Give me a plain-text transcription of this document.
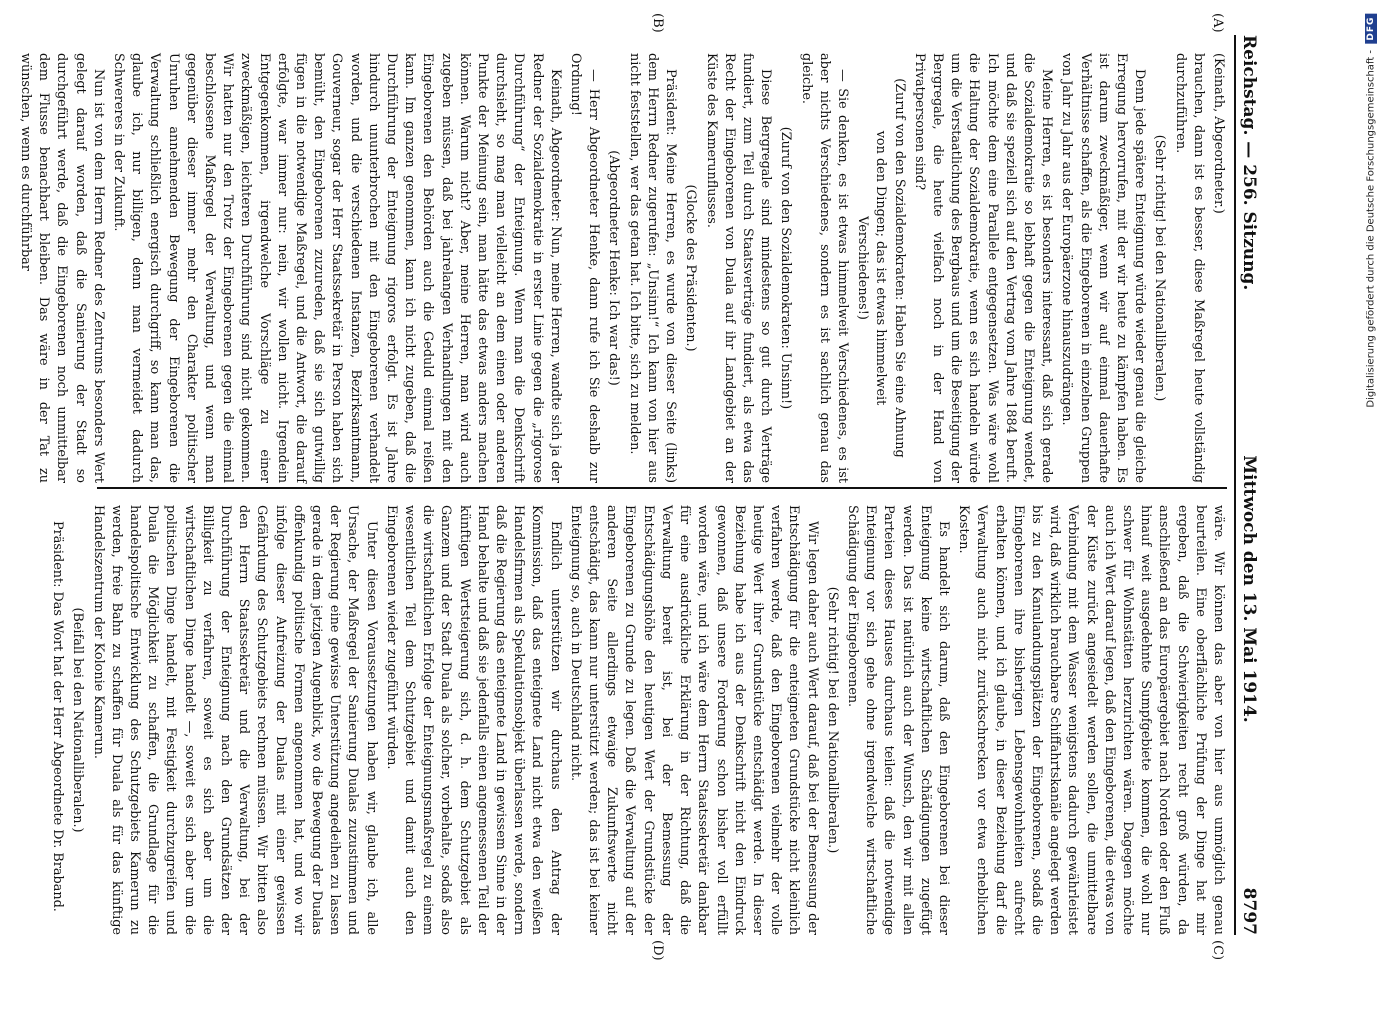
Reichstag. — 256. Sitzung.
Mittwoch den 13. Mai 1914.
8797
(A)
(B)
(C)
(D)

(Keinath, Abgeordneter.)

brauchen, dann ist es besser, diese Maßregel heute vollständig durchzuführen.

(Sehr richtig! bei den Nationalliberalen.)

Denn jede spätere Enteignung würde wieder genau die gleiche Erregung hervorrufen, mit der wir heute zu kämpfen haben. Es ist darum zweckmäßiger, wenn wir auf einmal dauerhafte Verhältnisse schaffen, als die Eingeborenen in einzelnen Gruppen von Jahr zu Jahr aus der Europäerzone hinauszudrängen.

Meine Herren, es ist besonders interessant, daß sich gerade die Sozialdemokratie so lebhaft gegen die Enteignung wendet, und daß sie speziell sich auf den Vertrag vom Jahre 1884 beruft. Ich möchte dem eine Parallele entgegensetzen. Was wäre wohl die Haltung der Sozialdemokratie, wenn es sich handeln würde um die Verstaatlichung des Bergbaus und um die Beseitigung der Bergregale, die heute vielfach noch in der Hand von Privatpersonen sind?

(Zuruf von den Sozialdemokraten: Haben Sie eine Ahnung von den Dingen; das ist etwas himmelweit Verschiedenes!)

— Sie denken, es ist etwas himmelweit Verschiedenes, es ist aber nichts Verschiedenes, sondern es ist sachlich genau das gleiche.

(Zuruf von den Sozialdemokraten: Unsinn!)

Diese Bergregale sind mindestens so gut durch Verträge fundiert, zum Teil durch Staatsverträge fundiert, als etwa das Recht der Eingeborenen von Duala auf ihr Landgebiet an der Küste des Kamerunflusses.

(Glocke des Präsidenten.)

Präsident: Meine Herren, es wurde von dieser Seite (links) dem Herrn Redner zugerufen: „Unsinn!“ Ich kann von hier aus nicht feststellen, wer das getan hat. Ich bitte, sich zu melden.

(Abgeordneter Henke: Ich war das!)

— Herr Abgeordneter Henke, dann rufe ich Sie deshalb zur Ordnung!

Keinath, Abgeordneter: Nun, meine Herren, wandte sich ja der Redner der Sozialdemokratie in erster Linie gegen die „rigorose Durchführung“ der Enteignung. Wenn man die Denkschrift durchsieht, so mag man vielleicht an dem einen oder anderen Punkte der Meinung sein, man hätte das etwas anders machen können. Warum nicht? Aber, meine Herren, man wird auch zugeben müssen, daß bei jahrelangen Verhandlungen mit den Eingeborenen den Behörden auch die Geduld einmal reißen kann. Im ganzen genommen, kann ich nicht zugeben, daß die Durchführung der Enteignung rigoros erfolgt. Es ist Jahre hindurch ununterbrochen mit den Eingeborenen verhandelt worden, und die verschiedenen Instanzen, Bezirksamtmann, Gouverneur, sogar der Herr Staatssekretär in Person haben sich bemüht, den Eingeborenen zuzureden, daß sie sich gutwillig fügen in die notwendige Maßregel, und die Antwort, die darauf erfolgte, war immer nur: nein, wir wollen nicht. Irgendein Entgegenkommen, irgendwelche Vorschläge zu einer zweckmäßigen, leichteren Durchführung sind nicht gekommen. Wir hatten nur den Trotz der Eingeborenen gegen die einmal beschlossene Maßregel der Verwaltung, und wenn man gegenüber dieser immer mehr den Charakter politischer Unruhen annehmenden Bewegung der Eingeborenen die Verwaltung schließlich energisch durchgriff, so kann man das, glaube ich, nur billigen, denn man vermeidet dadurch Schwereres in der Zukunft.

Nun ist von dem Herrn Redner des Zentrums besonders Wert gelegt darauf worden, daß die Sanierung der Stadt so durchgeführt werde, daß die Eingeborenen noch unmittelbar dem Flusse benachbart bleiben. Das wäre in der Tat zu wünschen, wenn es durchführbar

wäre. Wir können das aber von hier aus unmöglich genau beurteilen. Eine oberflächliche Prüfung der Dinge hat mir ergeben, daß die Schwierigkeiten recht groß würden, da anschließend an das Europäergebiet nach Norden oder den Fluß hinauf weit ausgedehnte Sumpfgebiete kommen, die wohl nur schwer für Wohnstätten herzurichten wären. Dagegen möchte auch ich Wert darauf legen, daß den Eingeborenen, die etwas von der Küste zurück angesiedelt werden sollen, die unmittelbare Verbindung mit dem Wasser wenigstens dadurch gewährleistet wird, daß wirklich brauchbare Schiffahrtskanäle angelegt werden bis zu den Kanulandungsplätzen der Eingeborenen, sodaß die Eingeborenen ihre bisherigen Lebensgewohnheiten aufrecht erhalten können, und ich glaube, in dieser Beziehung darf die Verwaltung auch nicht zurückschrecken vor etwa erheblichen Kosten.

Es handelt sich darum, daß den Eingeborenen bei dieser Enteignung keine wirtschaftlichen Schädigungen zugefügt werden. Das ist natürlich auch der Wunsch, den wir mit allen Parteien dieses Hauses durchaus teilen: daß die notwendige Enteignung vor sich gehe ohne irgendwelche wirtschaftliche Schädigung der Eingeborenen.

(Sehr richtig! bei den Nationalliberalen.)

Wir legen daher auch Wert darauf, daß bei der Bemessung der Entschädigung für die enteigneten Grundstücke nicht kleinlich verfahren werde, daß den Eingeborenen vielmehr der volle heutige Wert ihrer Grundstücke entschädigt werde. In dieser Beziehung habe ich aus der Denkschrift nicht den Eindruck gewonnen, daß unsere Forderung schon bisher voll erfüllt worden wäre, und ich wäre dem Herrn Staatssekretär dankbar für eine ausdrückliche Erklärung in der Richtung, daß die Verwaltung bereit ist, bei der Bemessung der Entschädigungshöhe den heutigen Wert der Grundstücke der Eingeborenen zu Grunde zu legen. Daß die Verwaltung auf der anderen Seite allerdings etwaige Zukunftswerte nicht entschädigt, das kann nur unterstützt werden; das ist bei keiner Enteignung so, auch in Deutschland nicht.

Endlich unterstützen wir durchaus den Antrag der Kommission, daß das enteignete Land nicht etwa den weißen Handelsfirmen als Spekulationsobjekt überlassen werde, sondern daß die Regierung das enteignete Land in gewissem Sinne in der Hand behalte und daß sie jedenfalls einen angemessenen Teil der künftigen Wertsteigerung sich, d. h. dem Schutzgebiet als Ganzem und der Stadt Duala als solcher, vorbehalte, sodaß also die wirtschaftlichen Erfolge der Enteignungsmaßregel zu einem wesentlichen Teil dem Schutzgebiet und damit auch den Eingeborenen wieder zugeführt würden.

Unter diesen Voraussetzungen haben wir, glaube ich, alle Ursache, der Maßregel der Sanierung Dualas zuzustimmen und der Regierung eine gewisse Unterstützung angedeihen zu lassen gerade in dem jetzigen Augenblick, wo die Bewegung der Dualas offenkundig politische Formen angenommen hat, und wo wir infolge dieser Aufreizung der Dualas mit einer gewissen Gefährdung des Schutzgebiets rechnen müssen. Wir bitten also den Herrn Staatssekretär und die Verwaltung, bei der Durchführung der Enteignung nach den Grundsätzen der Billigkeit zu verfahren, soweit es sich aber um die wirtschaftlichen Dinge handelt —, soweit es sich aber um die politischen Dinge handelt, mit Festigkeit durchzugreifen und Duala die Möglichkeit zu schaffen, die Grundlage für die handelspolitische Entwicklung des Schutzgebiets Kamerun zu werden, freie Bahn zu schaffen für Duala als für das künftige Handelszentrum der Kolonie Kamerun.

(Beifall bei den Nationalliberalen.)

Präsident: Das Wort hat der Herr Abgeordnete Dr. Braband.

Digitalisierung gefördert durch die Deutsche Forschungsgemeinschaft -
DFG
